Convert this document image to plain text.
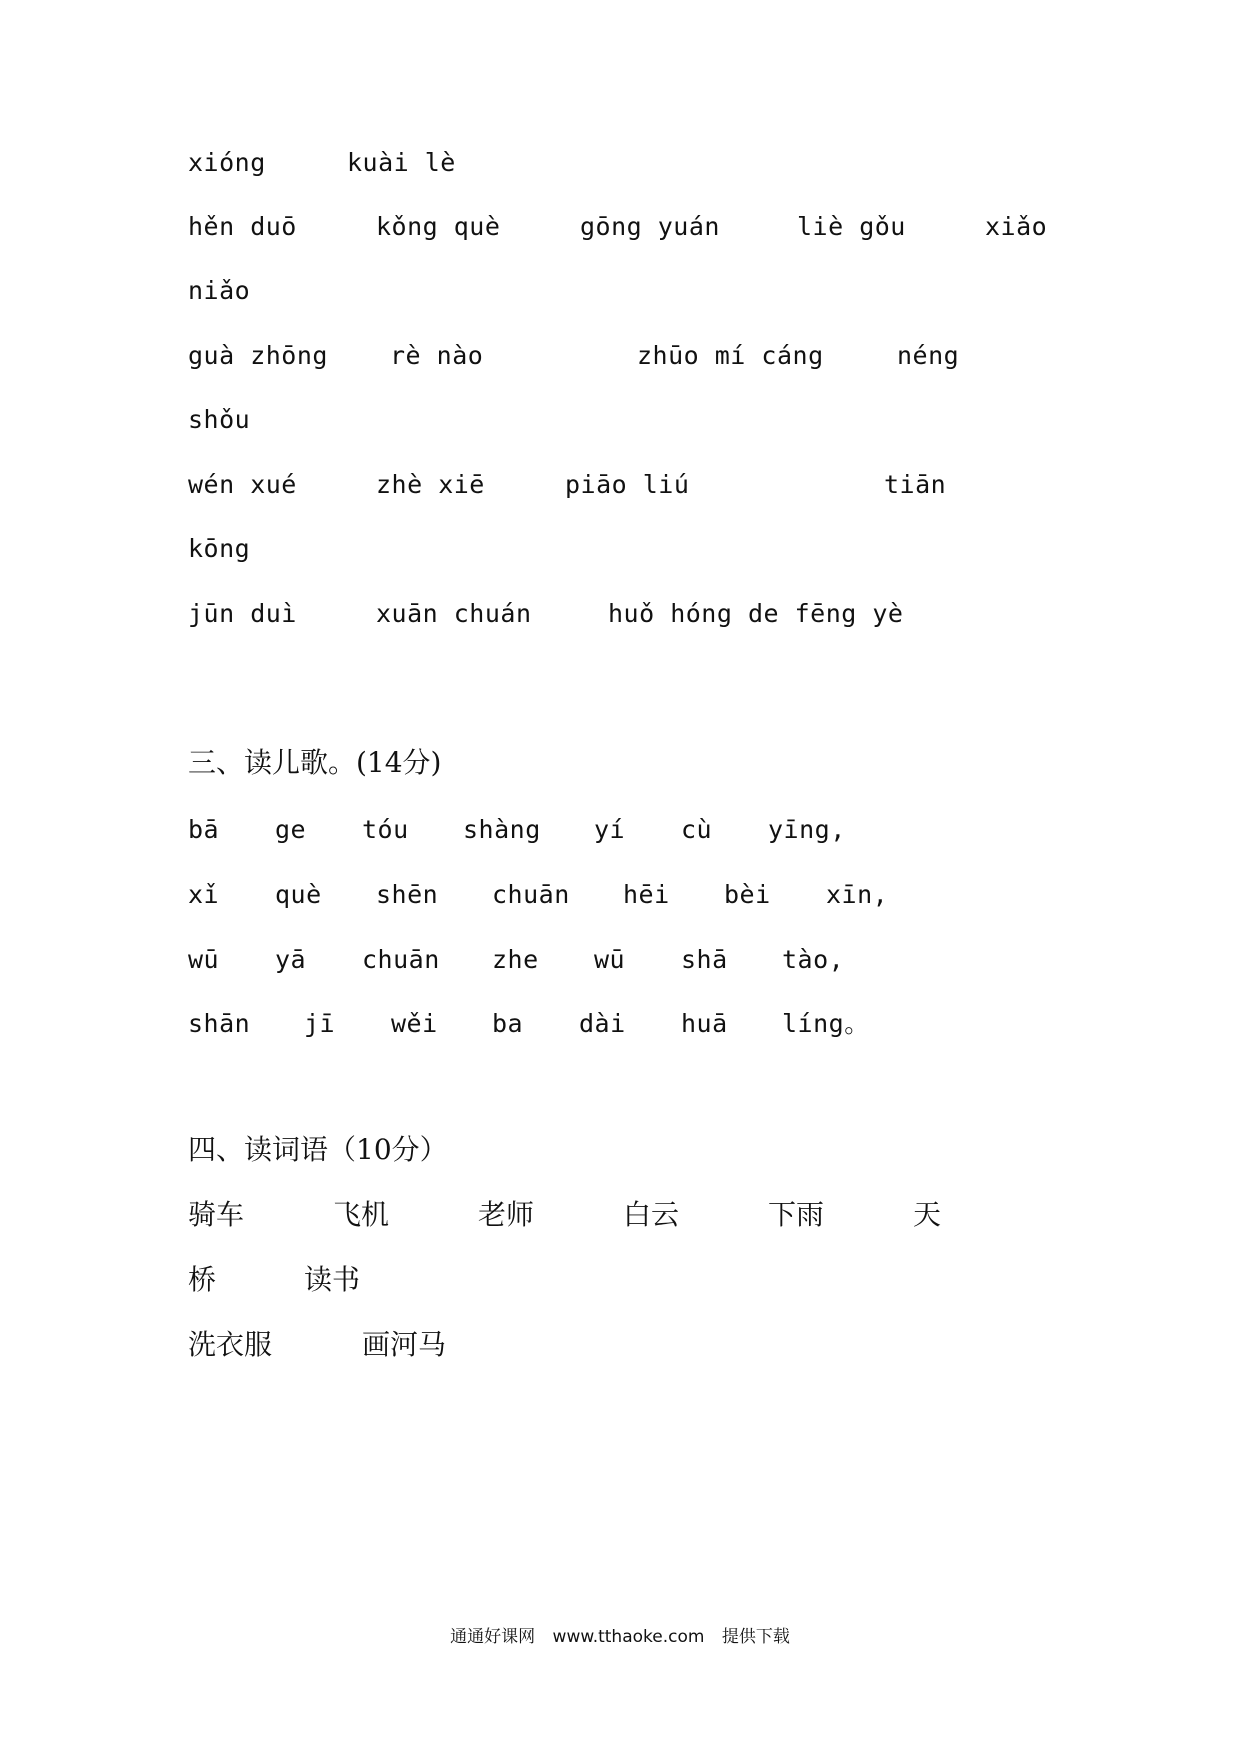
xióng	kuài lè
hěn duō	kǒng què	gōng yuán	liè gǒu	xiǎo
niǎo
guà zhōng rè nào	zhūo mí cáng	néng
shǒu
wén xué	zhè xiē	piāo liú	tiān
kōng
jūn duì	xuān chuán	huǒ hóng de fēng yè
三、读儿歌。(14分)
bā ge tóu shàng yí cù yīng,
xǐ què shēn chuān hēi bèi xīn,
wū yā chuān zhe wū shā tào,
shān jī wěi ba dài huā líng。
四、读词语（10分）
骑车	飞机	老师	白云	下雨	天
桥	读书
洗衣服	画河马
通通好课网 www.tthaoke.com 提供下载
